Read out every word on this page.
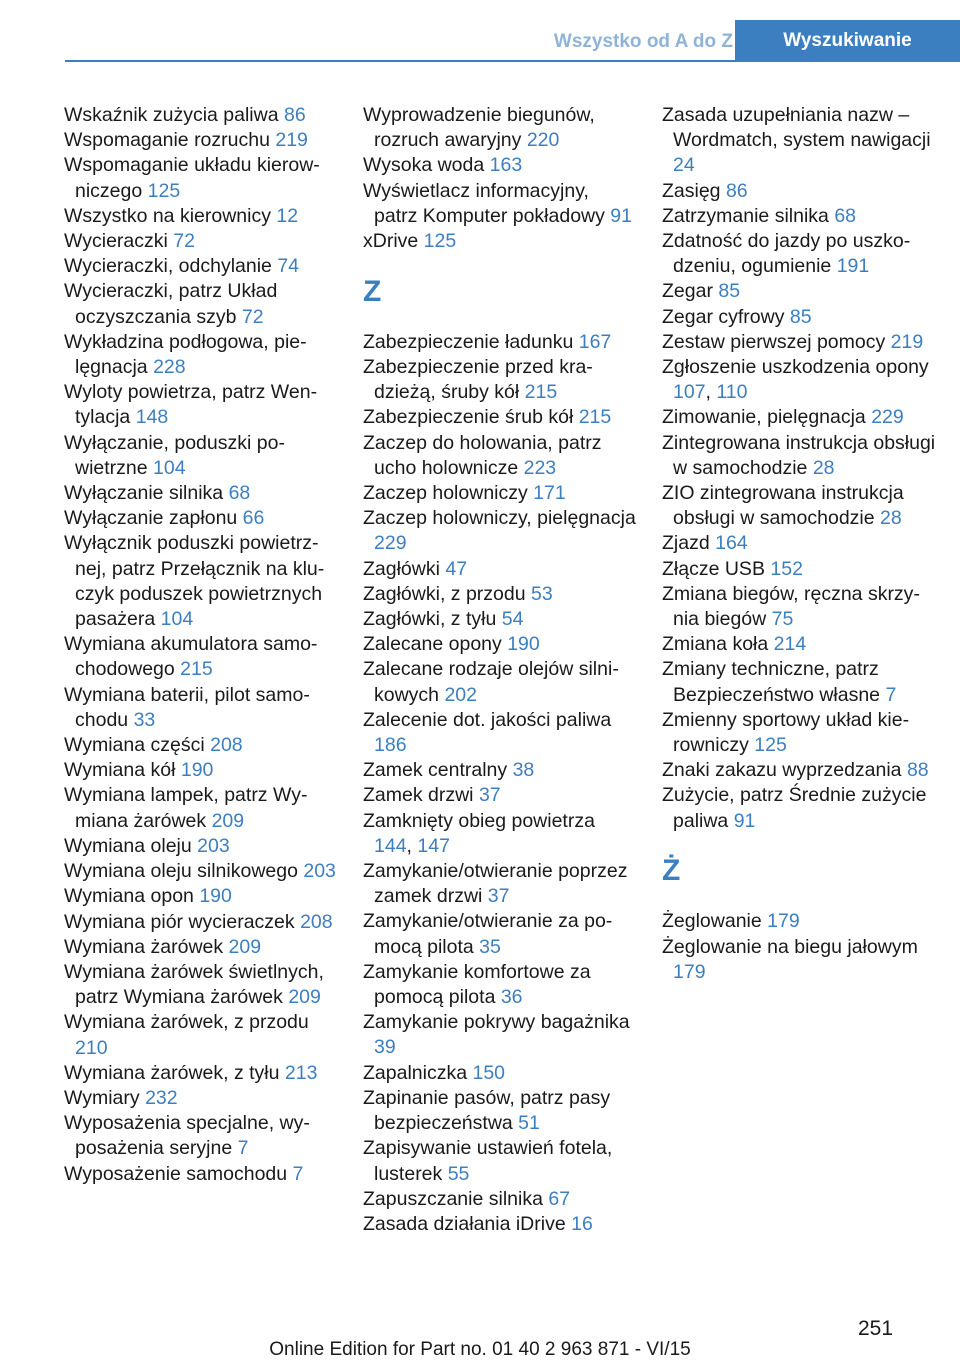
Wszystko od A do Z	Wyszukiwanie
Wskaźnik zużycia paliwa 86
Wspomaganie rozruchu 219
Wspomaganie układu kierowniczego 125
Wszystko na kierownicy 12
Wycieraczki 72
Wycieraczki, odchylanie 74
Wycieraczki, patrz Układ oczyszczania szyb 72
Wykładzina podłogowa, pielęgnacja 228
Wyloty powietrza, patrz Wentylacja 148
Wyłączanie, poduszki powietrzne 104
Wyłączanie silnika 68
Wyłączanie zapłonu 66
Wyłącznik poduszki powietrznej, patrz Przełącznik na kluczyk poduszek powietrznych pasażera 104
Wymiana akumulatora samochodowego 215
Wymiana baterii, pilot samochodu 33
Wymiana części 208
Wymiana kół 190
Wymiana lampek, patrz Wymiana żarówek 209
Wymiana oleju 203
Wymiana oleju silnikowego 203
Wymiana opon 190
Wymiana piór wycieraczek 208
Wymiana żarówek 209
Wymiana żarówek świetlnych, patrz Wymiana żarówek 209
Wymiana żarówek, z przodu 210
Wymiana żarówek, z tyłu 213
Wymiary 232
Wyposażenia specjalne, wyposażenia seryjne 7
Wyposażenie samochodu 7
Wyprowadzenie biegunów, rozruch awaryjny 220
Wysoka woda 163
Wyświetlacz informacyjny, patrz Komputer pokładowy 91
xDrive 125
Z
Zabezpieczenie ładunku 167
Zabezpieczenie przed kradzieżą, śruby kół 215
Zabezpieczenie śrub kół 215
Zaczep do holowania, patrz ucho holownicze 223
Zaczep holowniczy 171
Zaczep holowniczy, pielęgnacja 229
Zagłówki 47
Zagłówki, z przodu 53
Zagłówki, z tyłu 54
Zalecane opony 190
Zalecane rodzaje olejów silnikowych 202
Zalecenie dot. jakości paliwa 186
Zamek centralny 38
Zamek drzwi 37
Zamknięty obieg powietrza 144, 147
Zamykanie/otwieranie poprzez zamek drzwi 37
Zamykanie/otwieranie za pomocą pilota 35
Zamykanie komfortowe za pomocą pilota 36
Zamykanie pokrywy bagażnika 39
Zapalniczka 150
Zapinanie pasów, patrz pasy bezpieczeństwa 51
Zapisywanie ustawień fotela, lusterek 55
Zapuszczanie silnika 67
Zasada działania iDrive 16
Zasada uzupełniania nazw – Wordmatch, system nawigacji 24
Zasięg 86
Zatrzymanie silnika 68
Zdatność do jazdy po uszkodzeniu, ogumienie 191
Zegar 85
Zegar cyfrowy 85
Zestaw pierwszej pomocy 219
Zgłoszenie uszkodzenia opony 107, 110
Zimowanie, pielęgnacja 229
Zintegrowana instrukcja obsługi w samochodzie 28
ZIO zintegrowana instrukcja obsługi w samochodzie 28
Zjazd 164
Złącze USB 152
Zmiana biegów, ręczna skrzynia biegów 75
Zmiana koła 214
Zmiany techniczne, patrz Bezpieczeństwo własne 7
Zmienny sportowy układ kierowniczy 125
Znaki zakazu wyprzedzania 88
Zużycie, patrz Średnie zużycie paliwa 91
Ż
Żeglowanie 179
Żeglowanie na biegu jałowym 179
251
Online Edition for Part no. 01 40 2 963 871 - VI/15
